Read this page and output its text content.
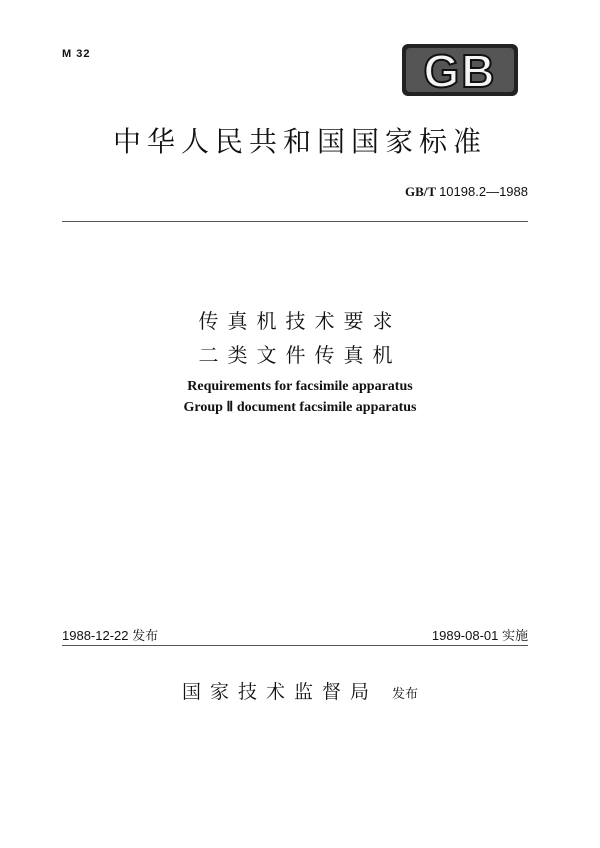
M 32	GB
中华人民共和国国家标准
GB/T 10198.2—1988
传真机技术要求
二类文件传真机
Requirements for facsimile apparatus
Group Ⅱ document facsimile apparatus
1988-12-22 发布	1989-08-01 实施
国家技术监督局 发布
